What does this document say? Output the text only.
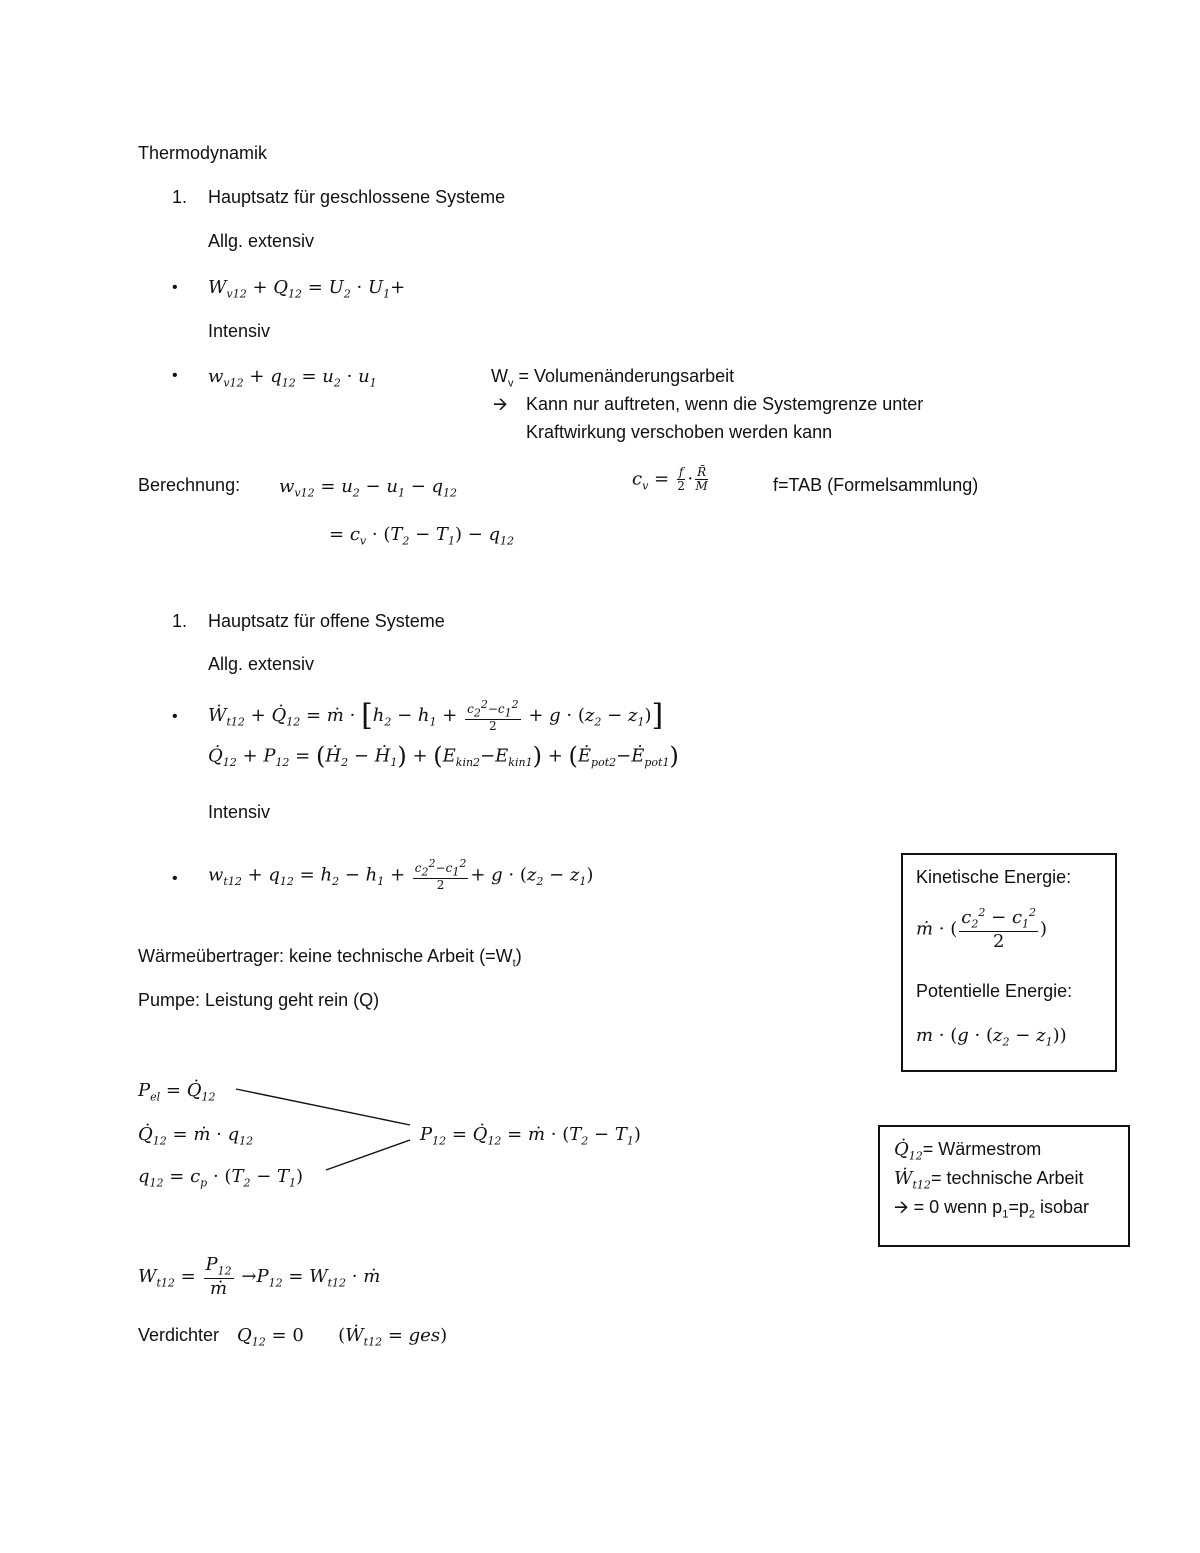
Thermodynamik
1. Hauptsatz für geschlossene Systeme
Allg. extensiv
• $W_{v12} + Q_{12} = U_2 \cdot U_1+$
Intensiv
• $w_{v12} + q_{12} = u_2 \cdot u_1$	$W_v$ = Volumenänderungsarbeit
🡪 Kann nur auftreten, wenn die Systemgrenze unter
Kraftwirkung verschoben werden kann
Berechnung: $w_{v12} = u_2 - u_1 - q_{12}$
$c_v = \frac{f}{2} \cdot \frac{R̄}{M}$	f=TAB (Formelsammlung)
= $c_v \cdot (T_2 - T_1) - q_{12}$
1. Hauptsatz für offene Systeme
Allg. extensiv
• Ẇ$_{t12}$ + $Q̇_{12}$ = ṁ · $[h_2 - h_1 + \frac{c_2^2-c_1^2}{2} + g \cdot (z_2 - z_1)]$
$Q̇_{12} + P_{12}$ = (Ḣ$_2$ − Ḣ$_1$) + $(E_{kin2}-E_{kin1})$ + $(Ė_{pot2}-Ė_{pot1})$
Intensiv
• $w_{t12} + q_{12} = h_2 - h_1 + \frac{c_2^2-c_1^2}{2} + g \cdot (z_2 - z_1)$	Kinetische Energie:
ṁ · ( $\frac{c_2^2 - c_1^2}{2}$ )
Potentielle Energie:
$m \cdot (g \cdot (z_2 - z_1))$
Wärmeübertrager: keine technische Arbeit $(=W_t)$
Pumpe: Leistung geht rein (Q)
$P_{el}$ = $Q̇_{12}$
$Q̇_{12}$ = ṁ · $q_{12}$
$q_{12} = c_p \cdot (T_2 - T_1)$
$P_{12}$ = $Q̇_{12}$ = ṁ · $(T_2 - T_1)$
$Q̇_{12}=$ Wärmestrom
Ẇ$_{t12}$= technische Arbeit
🡪 = 0 wenn $p_1=p_2$ isobar
$W_{t12} = \frac{P_{12}}{\text{ṁ}} \to P_{12} = W_{t12}$ · ṁ
Verdichter $Q_{12} = 0$ (Ẇ$_{t12}$ = ges)
